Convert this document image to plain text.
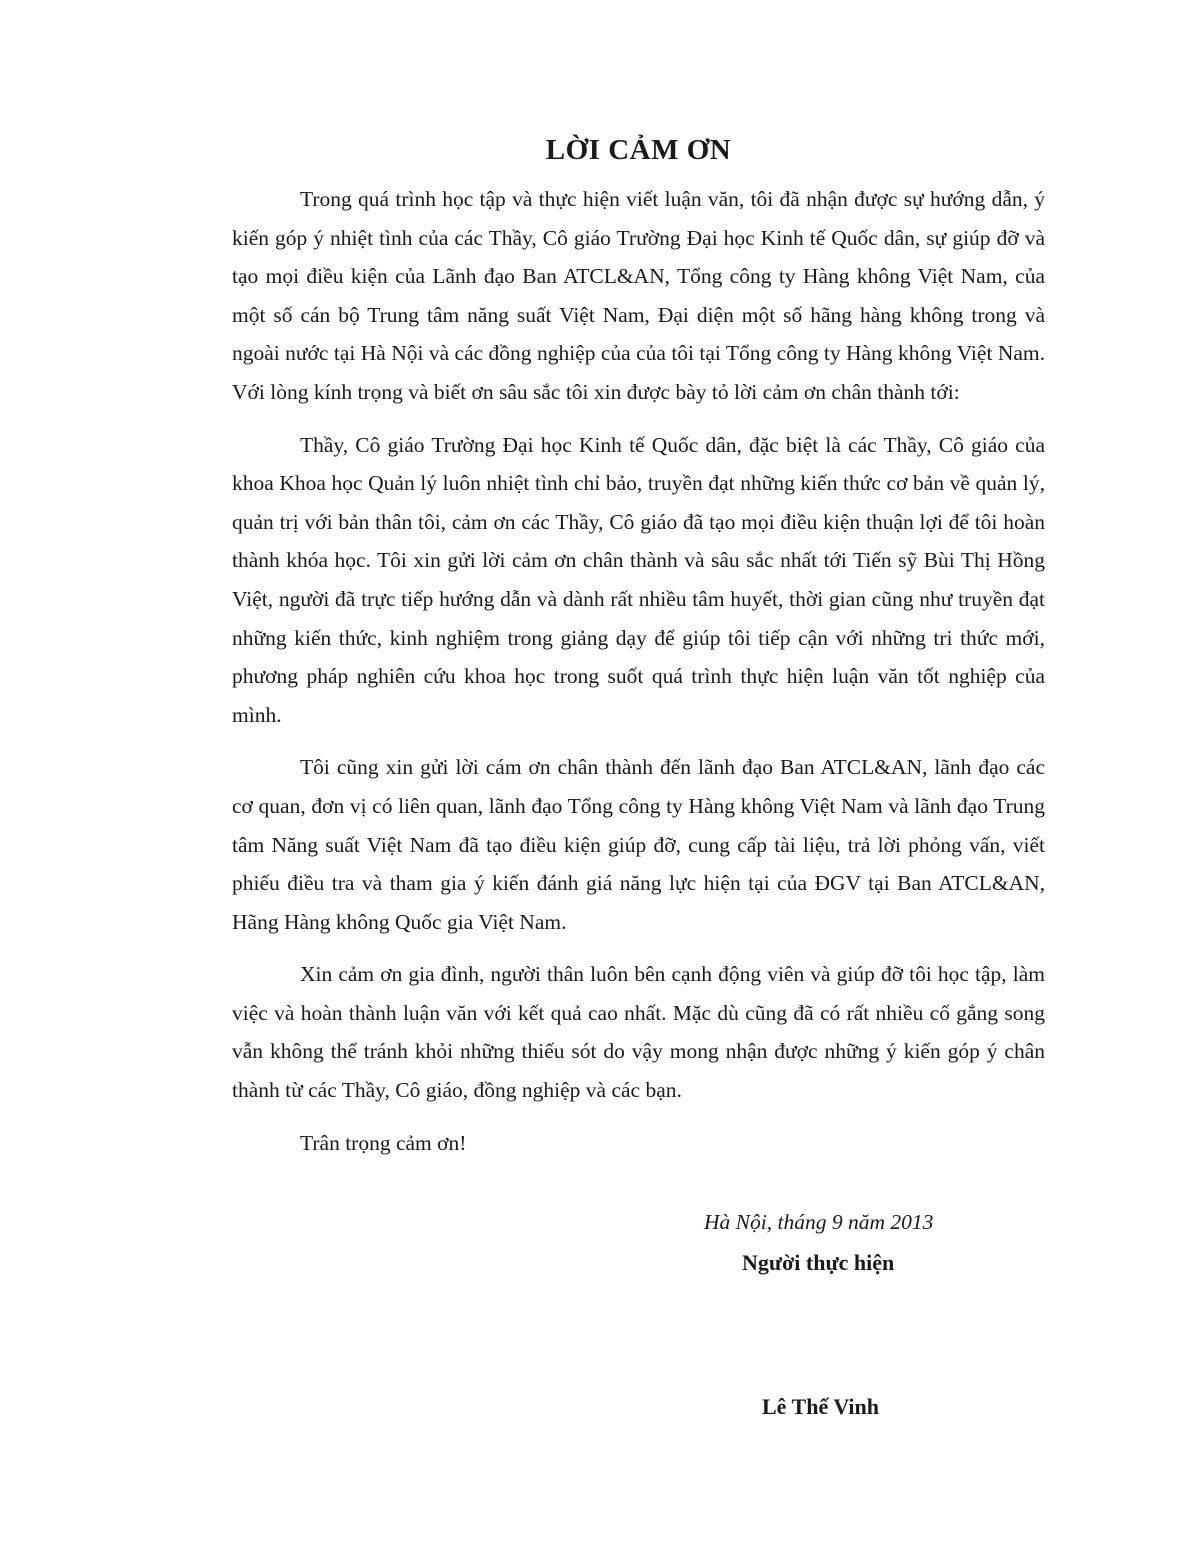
LỜI CẢM ƠN

Trong quá trình học tập và thực hiện viết luận văn, tôi đã nhận được sự hướng dẫn, ý kiến góp ý nhiệt tình của các Thầy, Cô giáo Trường Đại học Kinh tế Quốc dân, sự giúp đỡ và tạo mọi điều kiện của Lãnh đạo Ban ATCL&AN, Tổng công ty Hàng không Việt Nam, của một số cán bộ Trung tâm năng suất Việt Nam, Đại diện một số hãng hàng không trong và ngoài nước tại Hà Nội và các đồng nghiệp của của tôi tại Tổng công ty Hàng không Việt Nam. Với lòng kính trọng và biết ơn sâu sắc tôi xin được bày tỏ lời cảm ơn chân thành tới:

Thầy, Cô giáo Trường Đại học Kinh tế Quốc dân, đặc biệt là các Thầy, Cô giáo của khoa Khoa học Quản lý luôn nhiệt tình chỉ bảo, truyền đạt những kiến thức cơ bản về quản lý, quản trị với bản thân tôi, cảm ơn các Thầy, Cô giáo đã tạo mọi điều kiện thuận lợi để tôi hoàn thành khóa học. Tôi xin gửi lời cảm ơn chân thành và sâu sắc nhất tới Tiến sỹ Bùi Thị Hồng Việt, người đã trực tiếp hướng dẫn và dành rất nhiều tâm huyết, thời gian cũng như truyền đạt những kiến thức, kinh nghiệm trong giảng dạy để giúp tôi tiếp cận với những tri thức mới, phương pháp nghiên cứu khoa học trong suốt quá trình thực hiện luận văn tốt nghiệp của mình.

Tôi cũng xin gửi lời cám ơn chân thành đến lãnh đạo Ban ATCL&AN, lãnh đạo các cơ quan, đơn vị có liên quan, lãnh đạo Tổng công ty Hàng không Việt Nam và lãnh đạo Trung tâm Năng suất Việt Nam đã tạo điều kiện giúp đỡ, cung cấp tài liệu, trả lời phỏng vấn, viết phiếu điều tra và tham gia ý kiến đánh giá năng lực hiện tại của ĐGV tại Ban ATCL&AN, Hãng Hàng không Quốc gia Việt Nam.

Xin cảm ơn gia đình, người thân luôn bên cạnh động viên và giúp đỡ tôi học tập, làm việc và hoàn thành luận văn với kết quả cao nhất. Mặc dù cũng đã có rất nhiều cố gắng song vẫn không thể tránh khỏi những thiếu sót do vậy mong nhận được những ý kiến góp ý chân thành từ các Thầy, Cô giáo, đồng nghiệp và các bạn.

Trân trọng cảm ơn!

Hà Nội, tháng 9 năm 2013
Người thực hiện
Lê Thế Vinh
